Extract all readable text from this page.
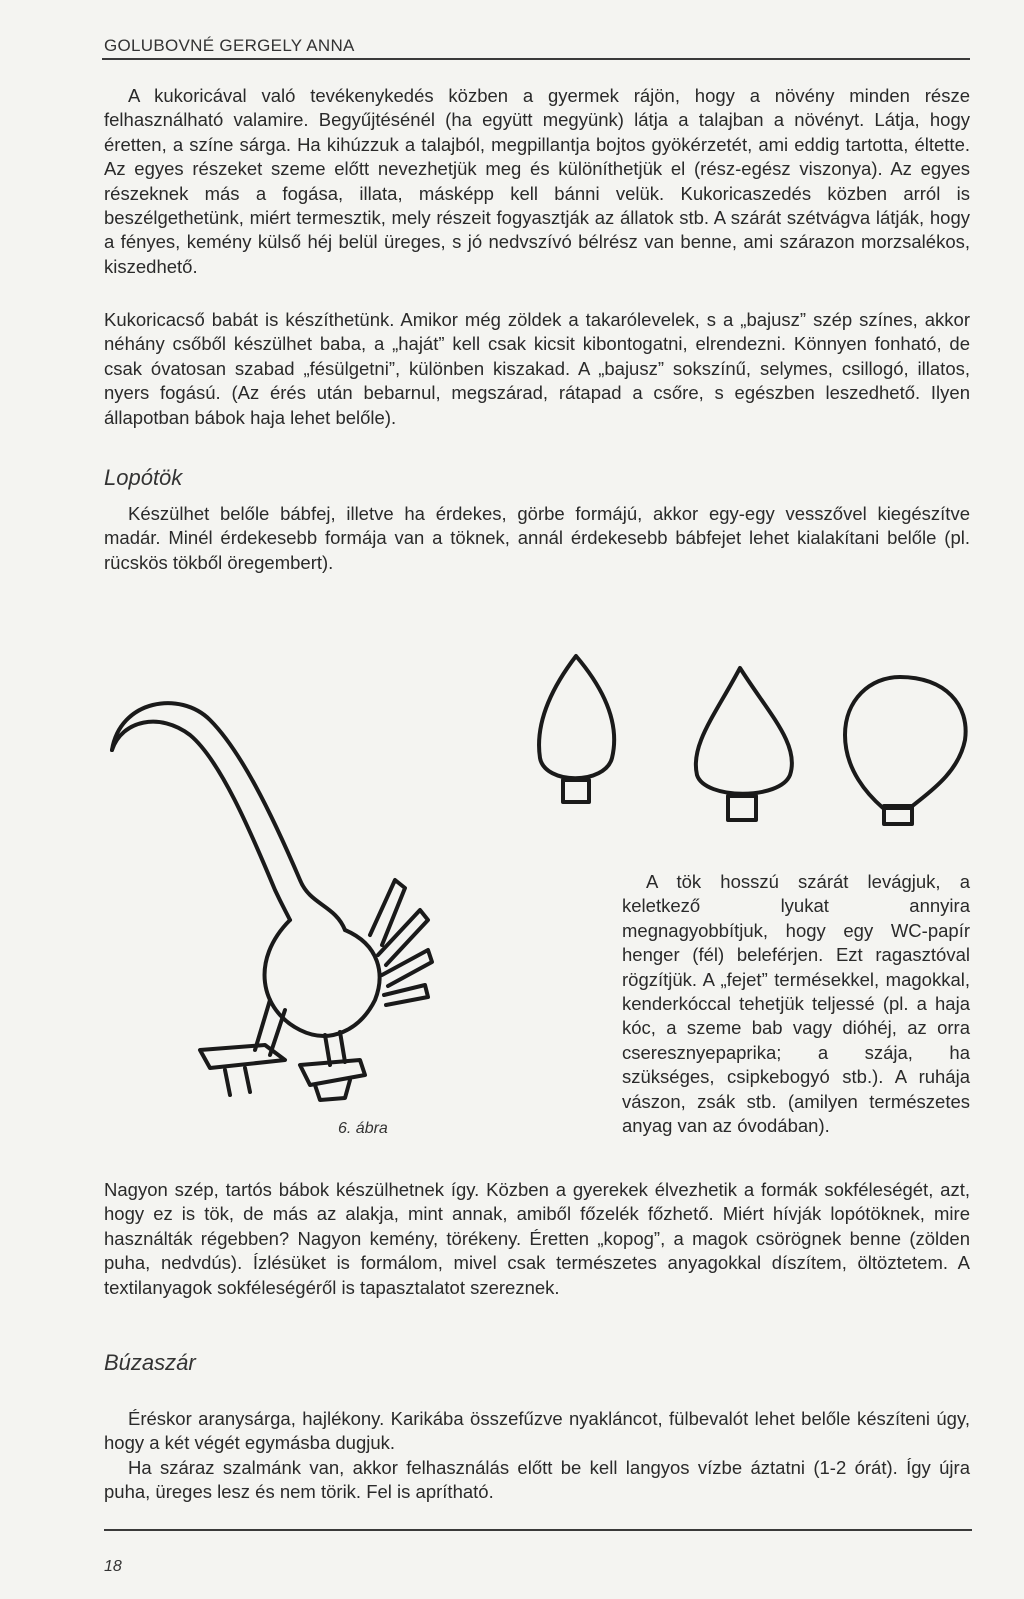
GOLUBOVNÉ GERGELY ANNA

A kukoricával való tevékenykedés közben a gyermek rájön, hogy a növény minden része felhasználható valamire. Begyűjtésénél (ha együtt megyünk) látja a talajban a növényt. Látja, hogy éretten, a színe sárga. Ha kihúzzuk a talajból, megpillantja bojtos gyökérzetét, ami eddig tartotta, éltette. Az egyes részeket szeme előtt nevezhetjük meg és különíthetjük el (rész-egész viszonya). Az egyes részeknek más a fogása, illata, másképp kell bánni velük. Kukoricaszedés közben arról is beszélgethetünk, miért termesztik, mely részeit fogyasztják az állatok stb. A szárát szétvágva látják, hogy a fényes, kemény külső héj belül üreges, s jó nedvszívó bélrész van benne, ami szárazon morzsalékos, kiszedhető.

Kukoricacső babát is készíthetünk. Amikor még zöldek a takarólevelek, s a „bajusz” szép színes, akkor néhány csőből készülhet baba, a „haját” kell csak kicsit kibontogatni, elrendezni. Könnyen fonható, de csak óvatosan szabad „fésülgetni”, különben kiszakad. A „bajusz” sokszínű, selymes, csillogó, illatos, nyers fogású. (Az érés után bebarnul, megszárad, rátapad a csőre, s egészben leszedhető. Ilyen állapotban bábok haja lehet belőle).

Lopótök

Készülhet belőle bábfej, illetve ha érdekes, görbe formájú, akkor egy-egy vesszővel kiegészítve madár. Minél érdekesebb formája van a töknek, annál érdekesebb bábfejet lehet kialakítani belőle (pl. rücskös tökből öregembert).

A tök hosszú szárát levágjuk, a keletkező lyukat annyira megnagyobbítjuk, hogy egy WC-papír henger (fél) beleférjen. Ezt ragasztóval rögzítjük. A „fejet” termésekkel, magokkal, kenderkóccal tehetjük teljessé (pl. a haja kóc, a szeme bab vagy dióhéj, az orra cseresznyepaprika; a szája, ha szükséges, csipkebogyó stb.). A ruhája vászon, zsák stb. (amilyen természetes anyag van az óvodában).

6. ábra

Nagyon szép, tartós bábok készülhetnek így. Közben a gyerekek élvezhetik a formák sokféleségét, azt, hogy ez is tök, de más az alakja, mint annak, amiből főzelék főzhető. Miért hívják lopótöknek, mire használták régebben? Nagyon kemény, törékeny. Éretten „kopog”, a magok csörögnek benne (zölden puha, nedvdús). Ízlésüket is formálom, mivel csak természetes anyagokkal díszítem, öltöztetem. A textilanyagok sokféleségéről is tapasztalatot szereznek.

Búzaszár

Éréskor aranysárga, hajlékony. Karikába összefűzve nyakláncot, fülbevalót lehet belőle készíteni úgy, hogy a két végét egymásba dugjuk.

Ha száraz szalmánk van, akkor felhasználás előtt be kell langyos vízbe áztatni (1-2 órát). Így újra puha, üreges lesz és nem törik. Fel is aprítható.

18
